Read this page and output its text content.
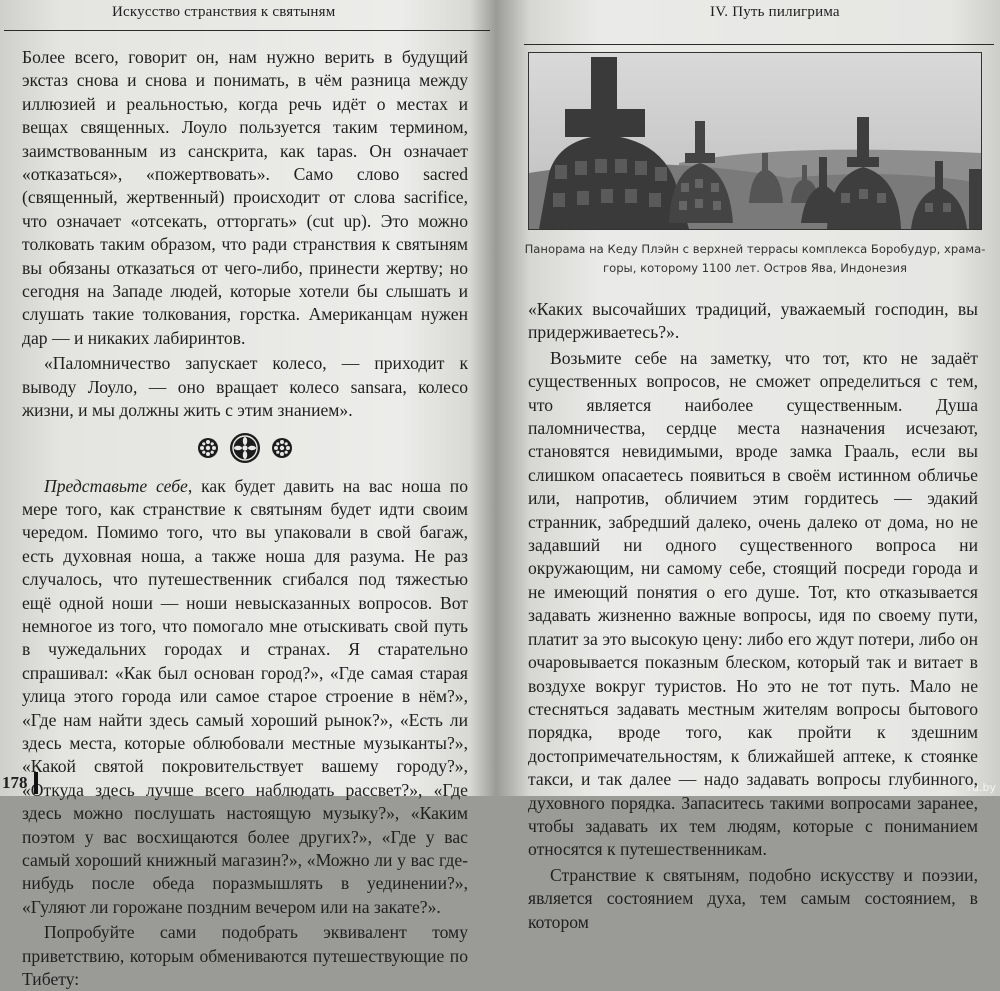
Искусство странствия к святыням

Более всего, говорит он, нам нужно верить в будущий экстаз снова и снова и понимать, в чём разница между иллюзией и реальностью, когда речь идёт о местах и вещах священных. Лоуло пользуется таким термином, заимствованным из санскрита, как tapas. Он означает «отказаться», «пожертвовать». Само слово sacred (священный, жертвенный) происходит от слова sacrifice, что означает «отсекать, отторгать» (cut up). Это можно толковать таким образом, что ради странствия к святыням вы обязаны отказаться от чего-либо, принести жертву; но сегодня на Западе людей, которые хотели бы слышать и слушать такие толкования, горстка. Американцам нужен дар — и никаких лабиринтов.

«Паломничество запускает колесо, — приходит к выводу Лоуло, — оно вращает колесо sansara, колесо жизни, и мы должны жить с этим знанием».

Представьте себе, как будет давить на вас ноша по мере того, как странствие к святыням будет идти своим чередом. Помимо того, что вы упаковали в свой багаж, есть духовная ноша, а также ноша для разума. Не раз случалось, что путешественник сгибался под тяжестью ещё одной ноши — ноши невысказанных вопросов. Вот немногое из того, что помогало мне отыскивать свой путь в чужедальних городах и странах. Я старательно спрашивал: «Как был основан город?», «Где самая старая улица этого города или самое старое строение в нём?», «Где нам найти здесь самый хороший рынок?», «Есть ли здесь места, которые облюбовали местные музыканты?», «Какой святой покровительствует вашему городу?», «Откуда здесь лучше всего наблюдать рассвет?», «Где здесь можно послушать настоящую музыку?», «Каким поэтом у вас восхищаются более других?», «Где у вас самый хороший книжный магазин?», «Можно ли у вас где-нибудь после обеда поразмышлять в уединении?», «Гуляют ли горожане поздним вечером или на закате?».

Попробуйте сами подобрать эквивалент тому приветствию, которым обмениваются путешествующие по Тибету:

178
IV. Путь пилигрима
Панорама на Кеду Плэйн с верхней террасы комплекса Боробудур, храма-горы, которому 1100 лет. Остров Ява, Индонезия

«Каких высочайших традиций, уважаемый господин, вы придерживаетесь?».

Возьмите себе на заметку, что тот, кто не задаёт существенных вопросов, не сможет определиться с тем, что является наиболее существенным. Душа паломничества, сердце места назначения исчезают, становятся невидимыми, вроде замка Грааль, если вы слишком опасаетесь появиться в своём истинном обличье или, напротив, обличием этим гордитесь — эдакий странник, забредший далеко, очень далеко от дома, но не задавший ни одного существенного вопроса ни окружающим, ни самому себе, стоящий посреди города и не имеющий понятия о его душе. Тот, кто отказывается задавать жизненно важные вопросы, идя по своему пути, платит за это высокую цену: либо его ждут потери, либо он очаровывается показным блеском, который так и витает в воздухе вокруг туристов. Но это не тот путь. Мало не стесняться задавать местным жителям вопросы бытового порядка, вроде того, как пройти к здешним достопримечательностям, к ближайшей аптеке, к стоянке такси, и так далее — надо задавать вопросы глубинного, духовного порядка. Запаситесь такими вопросами заранее, чтобы задавать их тем людям, которые с пониманием относятся к путешественникам.

Странствие к святыням, подобно искусству и поэзии, является состоянием духа, тем самым состоянием, в котором

ru.by
